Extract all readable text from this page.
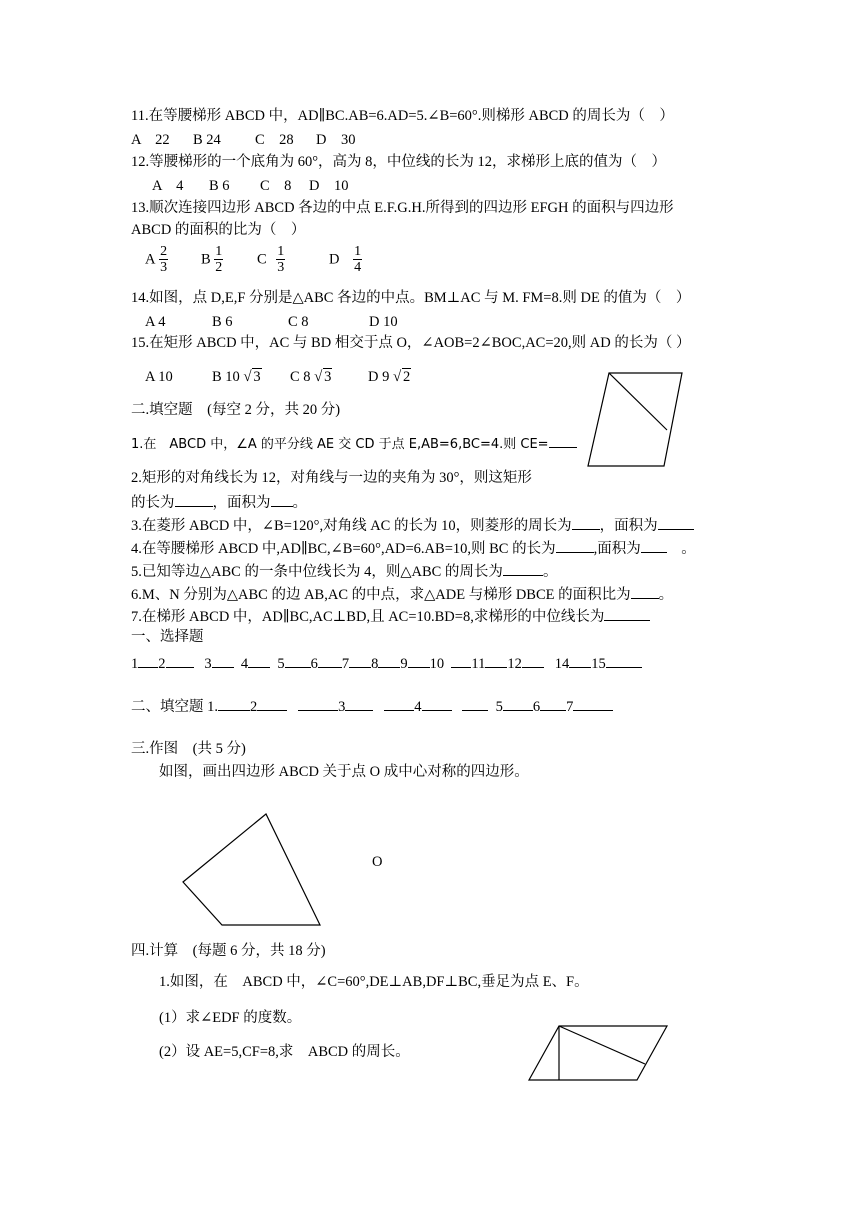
11.在等腰梯形 ABCD 中，AD∥BC.AB=6.AD=5.∠B=60°.则梯形 ABCD 的周长为（　）
A　22 B 24 C　28 D　30
12.等腰梯形的一个底角为 60°，高为 8，中位线的长为 12，求梯形上底的值为（　）
A　4 B 6 C　8 D　10
13.顺次连接四边形 ABCD 各边的中点 E.F.G.H.所得到的四边形 EFGH 的面积与四边形
ABCD 的面积的比为（　）
A $\frac{2}{3}$ B $\frac{1}{2}$ C $\frac{1}{3}$	D $\frac{1}{4}$
14.如图，点 D,E,F 分别是△ABC 各边的中点。BM⊥AC 与 M. FM=8.则 DE 的值为（　）
A 4	B 6	C 8	D 10
15.在矩形 ABCD 中，AC 与 BD 相交于点 O，∠AOB=2∠BOC,AC=20,则 AD 的长为（ ）
A 10	B 10 √ 3 C 8 √ 3	D 9 √ 2
二.填空题　(每空 2 分，共 20 分)
1.在　ABCD 中，∠A 的平分线 AE 交 CD 于点 E,AB=6,BC=4.则 CE=
2.矩形的对角线长为 12，对角线与一边的夹角为 30°，则这矩形
的长为	，面积为 。
3.在菱形 ABCD 中，∠B=120°,对角线 AC 的长为 10，则菱形的周长为 ，面积为
4.在等腰梯形 ABCD 中,AD∥BC,∠B=60°,AD=6.AB=10,则 BC 的长为	,面积为　	。
5.已知等边△ABC 的一条中位线长为 4，则△ABC 的周长为	。
6.M、N 分别为△ABC 的边 AB,AC 的中点，求△ADE 与梯形 DBCE 的面积比为 。
7.在梯形 ABCD 中，AD∥BC,AC⊥BD,且 AC=10.BD=8,求梯形的中位线长为
一、选择题
1 2	3 4 5 6 7 8 9 10 11 12 14 15
二、填空题 1. 2	3	4	5 6 7
三.作图　(共 5 分)
如图，画出四边形 ABCD 关于点 O 成中心对称的四边形。
O
四.计算　(每题 6 分，共 18 分)
1.如图，在　ABCD 中，∠C=60°,DE⊥AB,DF⊥BC,垂足为点 E、F。
(1）求∠EDF 的度数。
(2）设 AE=5,CF=8,求　ABCD 的周长。
